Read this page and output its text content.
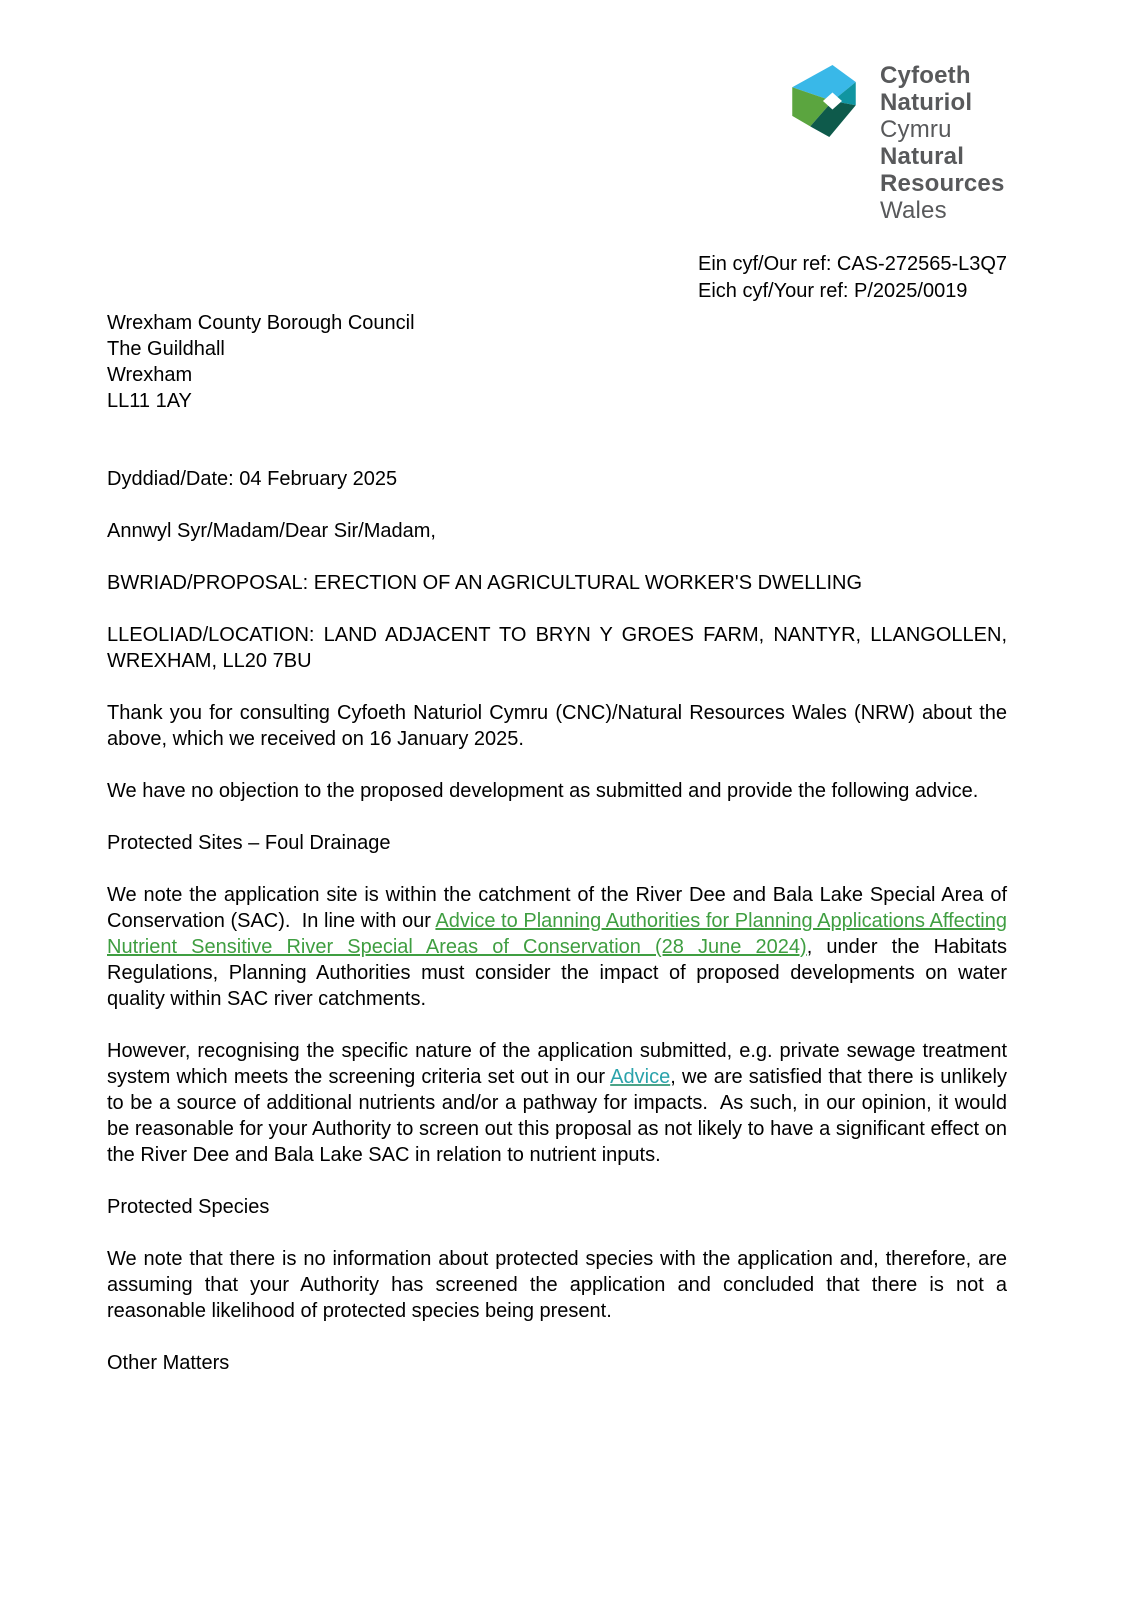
Cyfoeth
Naturiol
Cymru
Natural
Resources
Wales
Ein cyf/Our ref: CAS-272565-L3Q7
Eich cyf/Your ref: P/2025/0019
Wrexham County Borough Council
The Guildhall
Wrexham
LL11 1AY

Dyddiad/Date: 04 February 2025

Annwyl Syr/Madam/Dear Sir/Madam,

BWRIAD/PROPOSAL: ERECTION OF AN AGRICULTURAL WORKER'S DWELLING

LLEOLIAD/LOCATION: LAND ADJACENT TO BRYN Y GROES FARM, NANTYR, LLANGOLLEN, WREXHAM, LL20 7BU

Thank you for consulting Cyfoeth Naturiol Cymru (CNC)/Natural Resources Wales (NRW) about the above, which we received on 16 January 2025.

We have no objection to the proposed development as submitted and provide the following advice.

Protected Sites – Foul Drainage

We note the application site is within the catchment of the River Dee and Bala Lake Special Area of Conservation (SAC).  In line with our Advice to Planning Authorities for Planning Applications Affecting Nutrient Sensitive River Special Areas of Conservation (28 June 2024), under the Habitats Regulations, Planning Authorities must consider the impact of proposed developments on water quality within SAC river catchments.

However, recognising the specific nature of the application submitted, e.g. private sewage treatment system which meets the screening criteria set out in our Advice, we are satisfied that there is unlikely to be a source of additional nutrients and/or a pathway for impacts.  As such, in our opinion, it would be reasonable for your Authority to screen out this proposal as not likely to have a significant effect on the River Dee and Bala Lake SAC in relation to nutrient inputs.

Protected Species

We note that there is no information about protected species with the application and, therefore, are assuming that your Authority has screened the application and concluded that there is not a reasonable likelihood of protected species being present.

Other Matters
